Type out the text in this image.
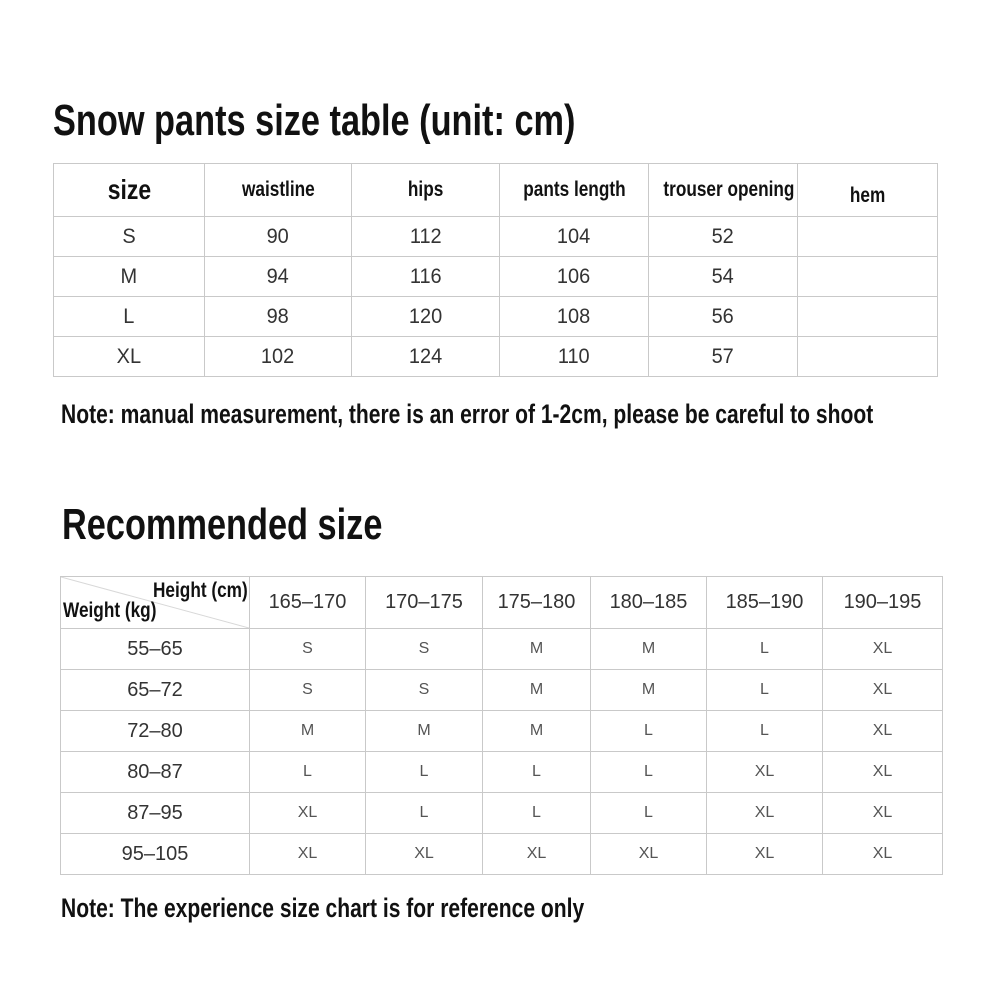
Snow pants size table (unit: cm)
size	waistline	hips	pants length	trouser opening	hem
S	90	112	104	52	
M	94	116	106	54	
L	98	120	108	56	
XL	102	124	110	57	

Note: manual measurement, there is an error of 1-2cm, please be careful to shoot

Recommended size
Height (cm)
Weight (kg)	165–170	170–175	175–180	180–185	185–190	190–195
55–65	S	S	M	M	L	XL
65–72	S	S	M	M	L	XL
72–80	M	M	M	L	L	XL
80–87	L	L	L	L	XL	XL
87–95	XL	L	L	L	XL	XL
95–105	XL	XL	XL	XL	XL	XL

Note: The experience size chart is for reference only
